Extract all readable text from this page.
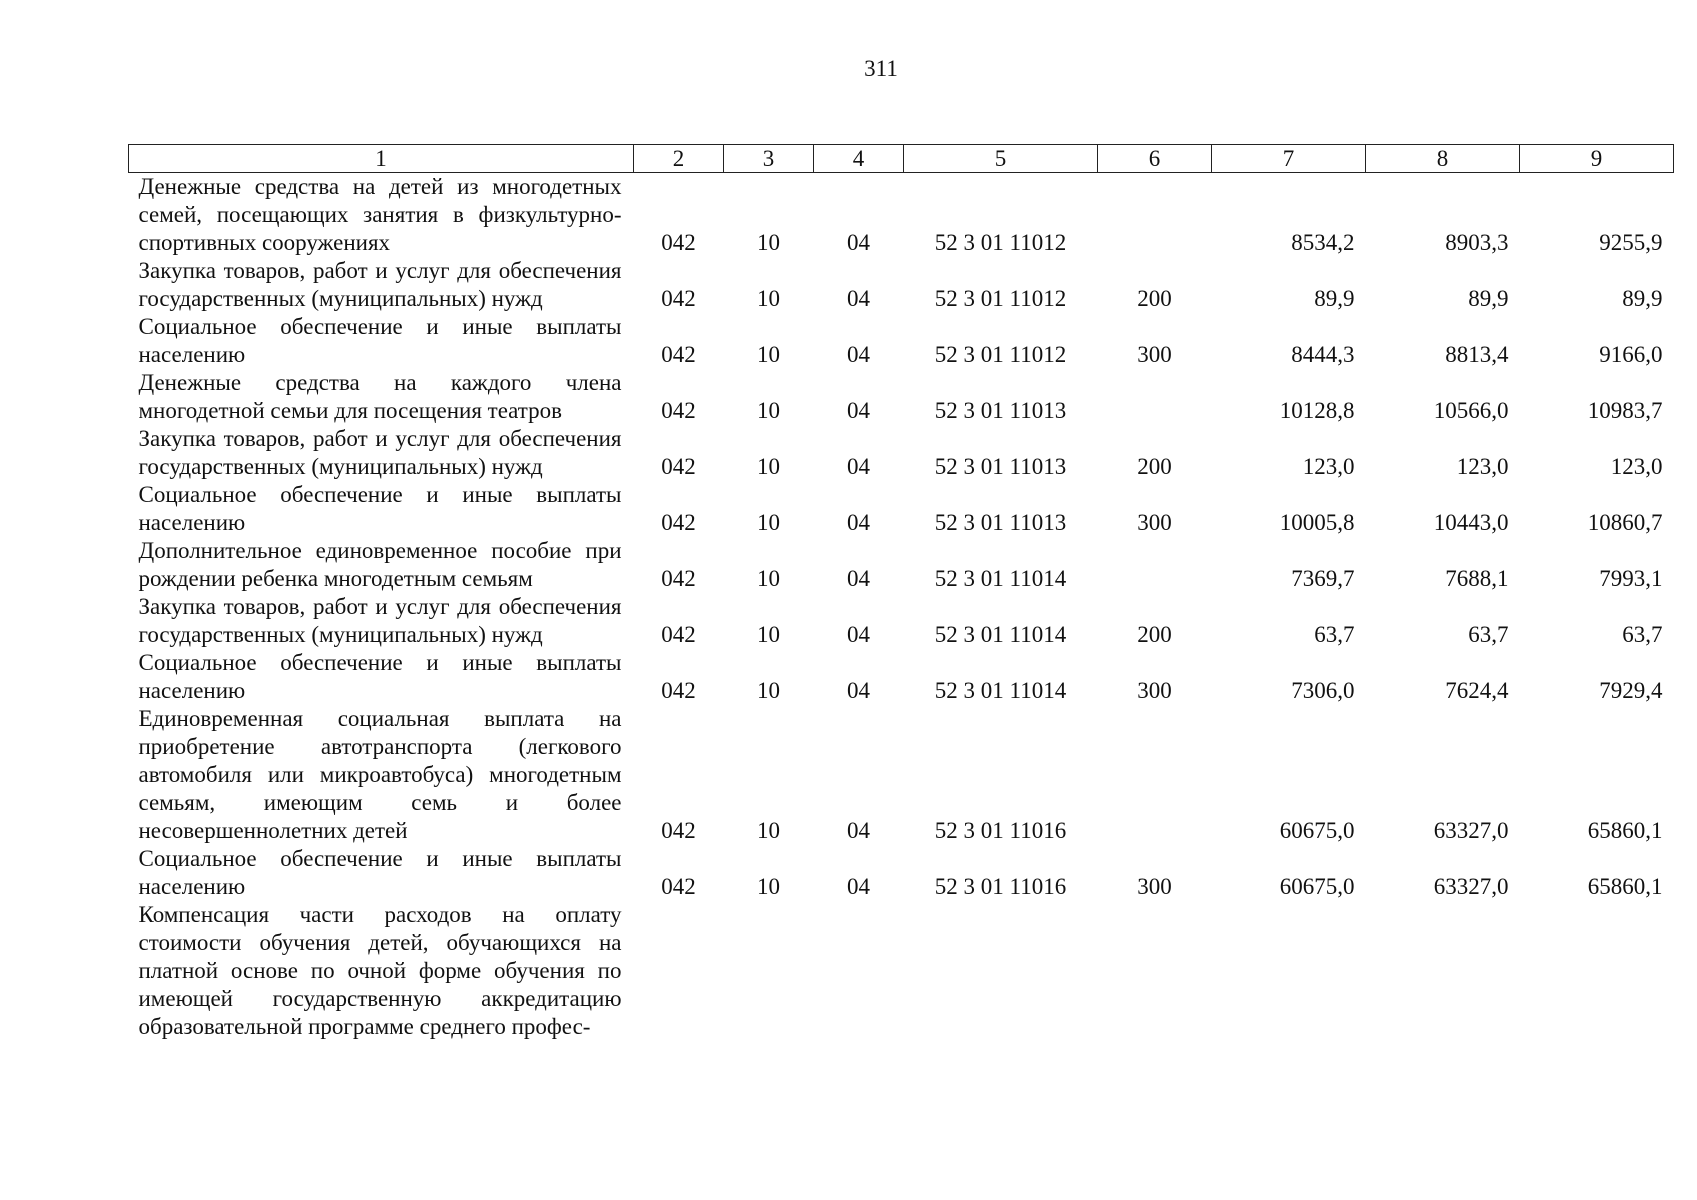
311
1	2	3	4	5	6	7	8	9
Денежные средства на детей из многодетных семей, посещающих занятия в физкультурно-спортивных сооружениях	042	10	04	52 3 01 11012		8534,2	8903,3	9255,9
Закупка товаров, работ и услуг для обеспечения государственных (муниципальных) нужд	042	10	04	52 3 01 11012	200	89,9	89,9	89,9
Социальное обеспечение и иные выплаты населению	042	10	04	52 3 01 11012	300	8444,3	8813,4	9166,0
Денежные средства на каждого члена многодетной семьи для посещения театров	042	10	04	52 3 01 11013		10128,8	10566,0	10983,7
Закупка товаров, работ и услуг для обеспечения государственных (муниципальных) нужд	042	10	04	52 3 01 11013	200	123,0	123,0	123,0
Социальное обеспечение и иные выплаты населению	042	10	04	52 3 01 11013	300	10005,8	10443,0	10860,7
Дополнительное единовременное пособие при рождении ребенка многодетным семьям	042	10	04	52 3 01 11014		7369,7	7688,1	7993,1
Закупка товаров, работ и услуг для обеспечения государственных (муниципальных) нужд	042	10	04	52 3 01 11014	200	63,7	63,7	63,7
Социальное обеспечение и иные выплаты населению	042	10	04	52 3 01 11014	300	7306,0	7624,4	7929,4
Единовременная социальная выплата на приобретение автотранспорта (легкового автомобиля или микроавтобуса) многодетным семьям, имеющим семь и более несовершеннолетних детей	042	10	04	52 3 01 11016		60675,0	63327,0	65860,1
Социальное обеспечение и иные выплаты населению	042	10	04	52 3 01 11016	300	60675,0	63327,0	65860,1
Компенсация части расходов на оплату стоимости обучения детей, обучающихся на платной основе по очной форме обучения по имеющей государственную аккредитацию образовательной программе среднего профес-								
